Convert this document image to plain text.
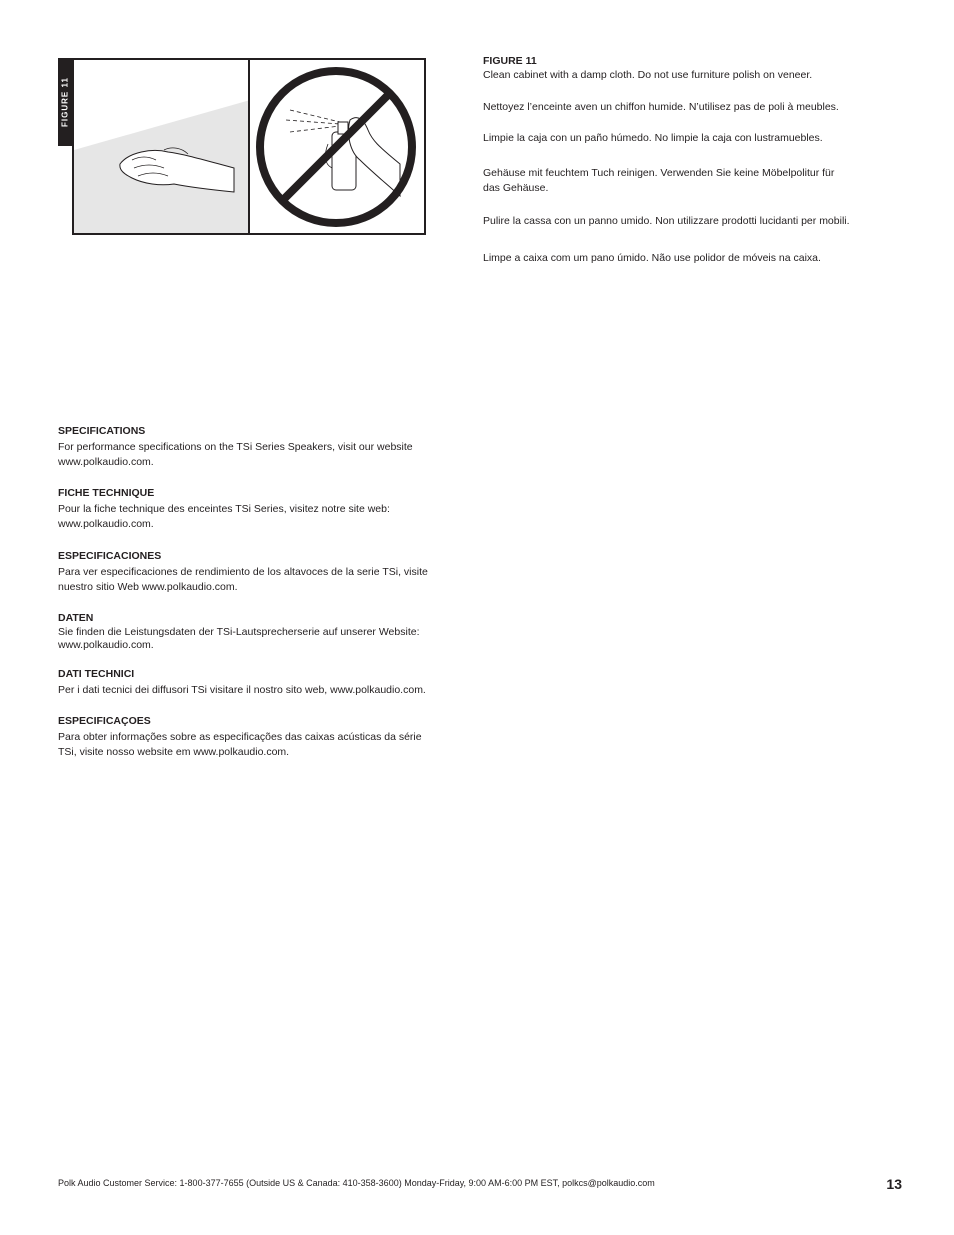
FIGURE 11
FIGURE 11

Clean cabinet with a damp cloth. Do not use furniture polish on veneer.

Nettoyez l’enceinte aven un chiffon humide. N’utilisez pas de poli à meubles.

Limpie la caja con un paño húmedo. No limpie la caja con lustramuebles.

Gehäuse mit feuchtem Tuch reinigen. Verwenden Sie keine Möbelpolitur für das Gehäuse.

Pulire la cassa con un panno umido. Non utilizzare prodotti lucidanti per mobili.

Limpe a caixa com um pano úmido. Não use polidor de móveis na caixa.

SPECIFICATIONS
For performance specifications on the TSi Series Speakers, visit our website www.polkaudio.com.
FICHE TECHNIQUE
Pour la fiche technique des enceintes TSi Series, visitez notre site web: www.polkaudio.com.
ESPECIFICACIONES
Para ver especificaciones de rendimiento de los altavoces de la serie TSi, visite nuestro sitio Web www.polkaudio.com.
DATEN
Sie finden die Leistungsdaten der TSi-Lautsprecherserie auf unserer Website: www.polkaudio.com.
DATI TECHNICI
Per i dati tecnici dei diffusori TSi visitare il nostro sito web, www.polkaudio.com.
ESPECIFICAÇOES
Para obter informações sobre as especificações das caixas acústicas da série TSi, visite nosso website em www.polkaudio.com.
Polk Audio Customer Service: 1-800-377-7655 (Outside US & Canada: 410-358-3600) Monday-Friday, 9:00 AM-6:00 PM EST, polkcs@polkaudio.com	13
